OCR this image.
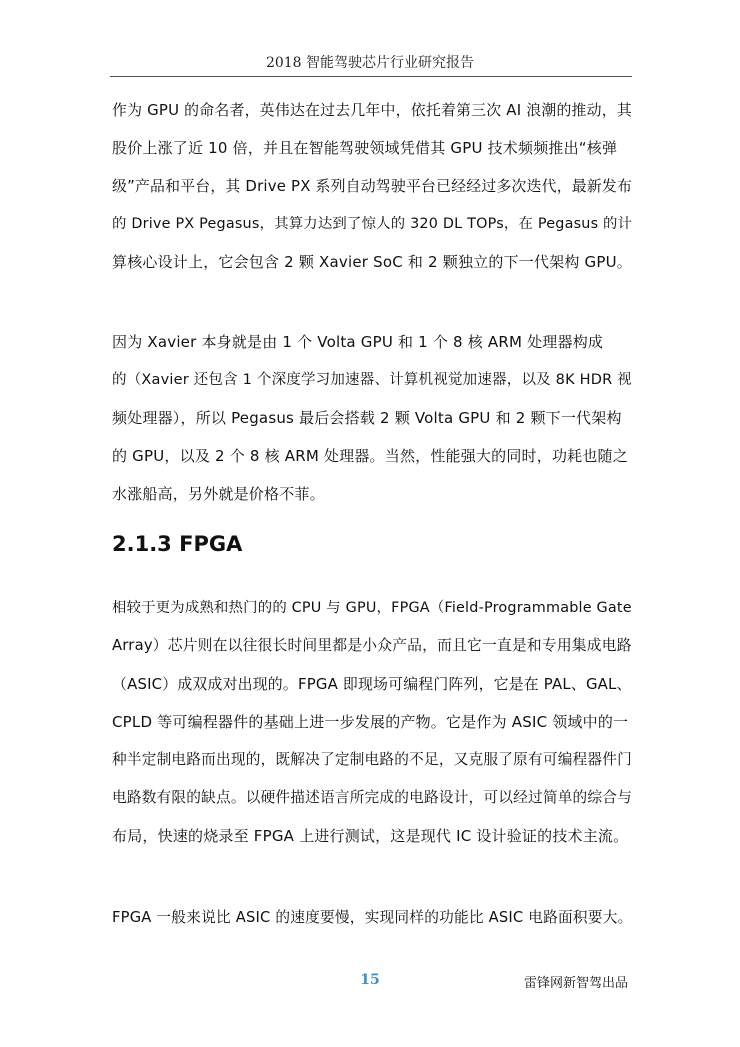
2018 智能驾驶芯片行业研究报告
作为 GPU 的命名者，英伟达在过去几年中，依托着第三次 AI 浪潮的推动，其
股价上涨了近 10 倍，并且在智能驾驶领域凭借其 GPU 技术频频推出“核弹
级”产品和平台，其 Drive PX 系列自动驾驶平台已经经过多次迭代，最新发布
的 Drive PX Pegasus，其算力达到了惊人的 320 DL TOPs，在 Pegasus 的计
算核心设计上，它会包含 2 颗 Xavier SoC 和 2 颗独立的下一代架构 GPU。
因为 Xavier 本身就是由 1 个 Volta GPU 和 1 个 8 核 ARM 处理器构成
的（Xavier 还包含 1 个深度学习加速器、计算机视觉加速器，以及 8K HDR 视
频处理器），所以 Pegasus 最后会搭载 2 颗 Volta GPU 和 2 颗下一代架构
的 GPU，以及 2 个 8 核 ARM 处理器。当然，性能强大的同时，功耗也随之
水涨船高，另外就是价格不菲。
2.1.3 FPGA
相较于更为成熟和热门的的 CPU 与 GPU，FPGA（Field-Programmable Gate
Array）芯片则在以往很长时间里都是小众产品，而且它一直是和专用集成电路
（ASIC）成双成对出现的。FPGA 即现场可编程门阵列，它是在 PAL、GAL、
CPLD 等可编程器件的基础上进一步发展的产物。它是作为 ASIC 领域中的一
种半定制电路而出现的，既解决了定制电路的不足，又克服了原有可编程器件门
电路数有限的缺点。以硬件描述语言所完成的电路设计，可以经过简单的综合与
布局，快速的烧录至 FPGA 上进行测试，这是现代 IC 设计验证的技术主流。
FPGA 一般来说比 ASIC 的速度要慢，实现同样的功能比 ASIC 电路面积要大。
15	雷锋网新智驾出品
